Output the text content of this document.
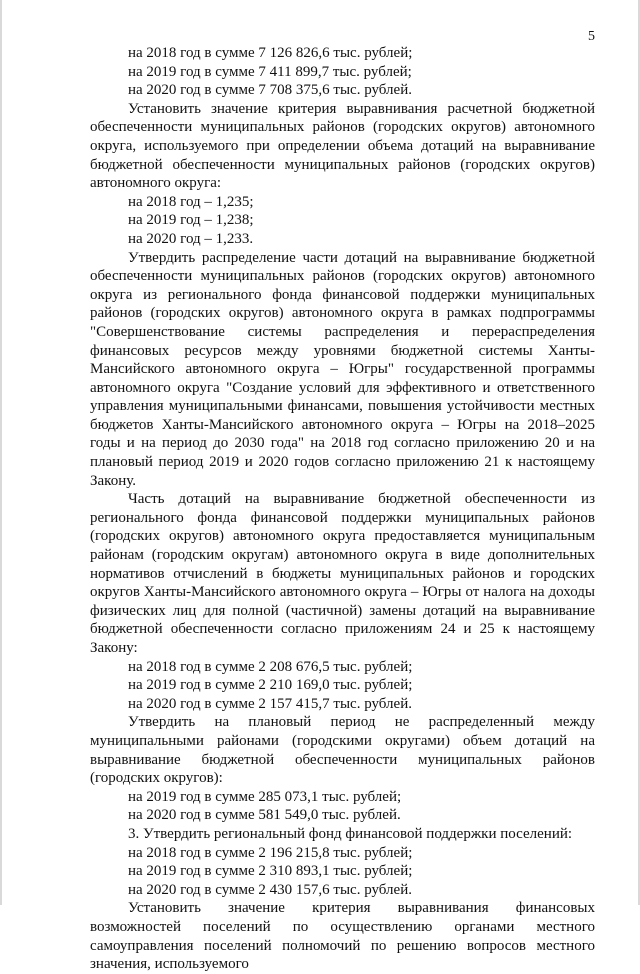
5
на 2018 год в сумме 7 126 826,6 тыс. рублей;
на 2019 год в сумме 7 411 899,7 тыс. рублей;
на 2020 год в сумме 7 708 375,6 тыс. рублей.
Установить значение критерия выравнивания расчетной бюджетной обеспеченности муниципальных районов (городских округов) автономного округа, используемого при определении объема дотаций на выравнивание бюджетной обеспеченности муниципальных районов (городских округов) автономного округа:
на 2018 год – 1,235;
на 2019 год – 1,238;
на 2020 год – 1,233.
Утвердить распределение части дотаций на выравнивание бюджетной обеспеченности муниципальных районов (городских округов) автономного округа из регионального фонда финансовой поддержки муниципальных районов (городских округов) автономного округа в рамках подпрограммы "Совершенствование системы распределения и перераспределения финансовых ресурсов между уровнями бюджетной системы Ханты-Мансийского автономного округа – Югры" государственной программы автономного округа "Создание условий для эффективного и ответственного управления муниципальными финансами, повышения устойчивости местных бюджетов Ханты-Мансийского автономного округа – Югры на 2018–2025 годы и на период до 2030 года" на 2018 год согласно приложению 20 и на плановый период 2019 и 2020 годов согласно приложению 21 к настоящему Закону.
Часть дотаций на выравнивание бюджетной обеспеченности из регионального фонда финансовой поддержки муниципальных районов (городских округов) автономного округа предоставляется муниципальным районам (городским округам) автономного округа в виде дополнительных нормативов отчислений в бюджеты муниципальных районов и городских округов Ханты-Мансийского автономного округа – Югры от налога на доходы физических лиц для полной (частичной) замены дотаций на выравнивание бюджетной обеспеченности согласно приложениям 24 и 25 к настоящему Закону:
на 2018 год в сумме 2 208 676,5 тыс. рублей;
на 2019 год в сумме 2 210 169,0 тыс. рублей;
на 2020 год в сумме 2 157 415,7 тыс. рублей.
Утвердить на плановый период не распределенный между муниципальными районами (городскими округами) объем дотаций на выравнивание бюджетной обеспеченности муниципальных районов (городских округов):
на 2019 год в сумме 285 073,1 тыс. рублей;
на 2020 год в сумме 581 549,0 тыс. рублей.
3. Утвердить региональный фонд финансовой поддержки поселений:
на 2018 год в сумме 2 196 215,8 тыс. рублей;
на 2019 год в сумме 2 310 893,1 тыс. рублей;
на 2020 год в сумме 2 430 157,6 тыс. рублей.
Установить значение критерия выравнивания финансовых возможностей поселений по осуществлению органами местного самоуправления поселений полномочий по решению вопросов местного значения, используемого
